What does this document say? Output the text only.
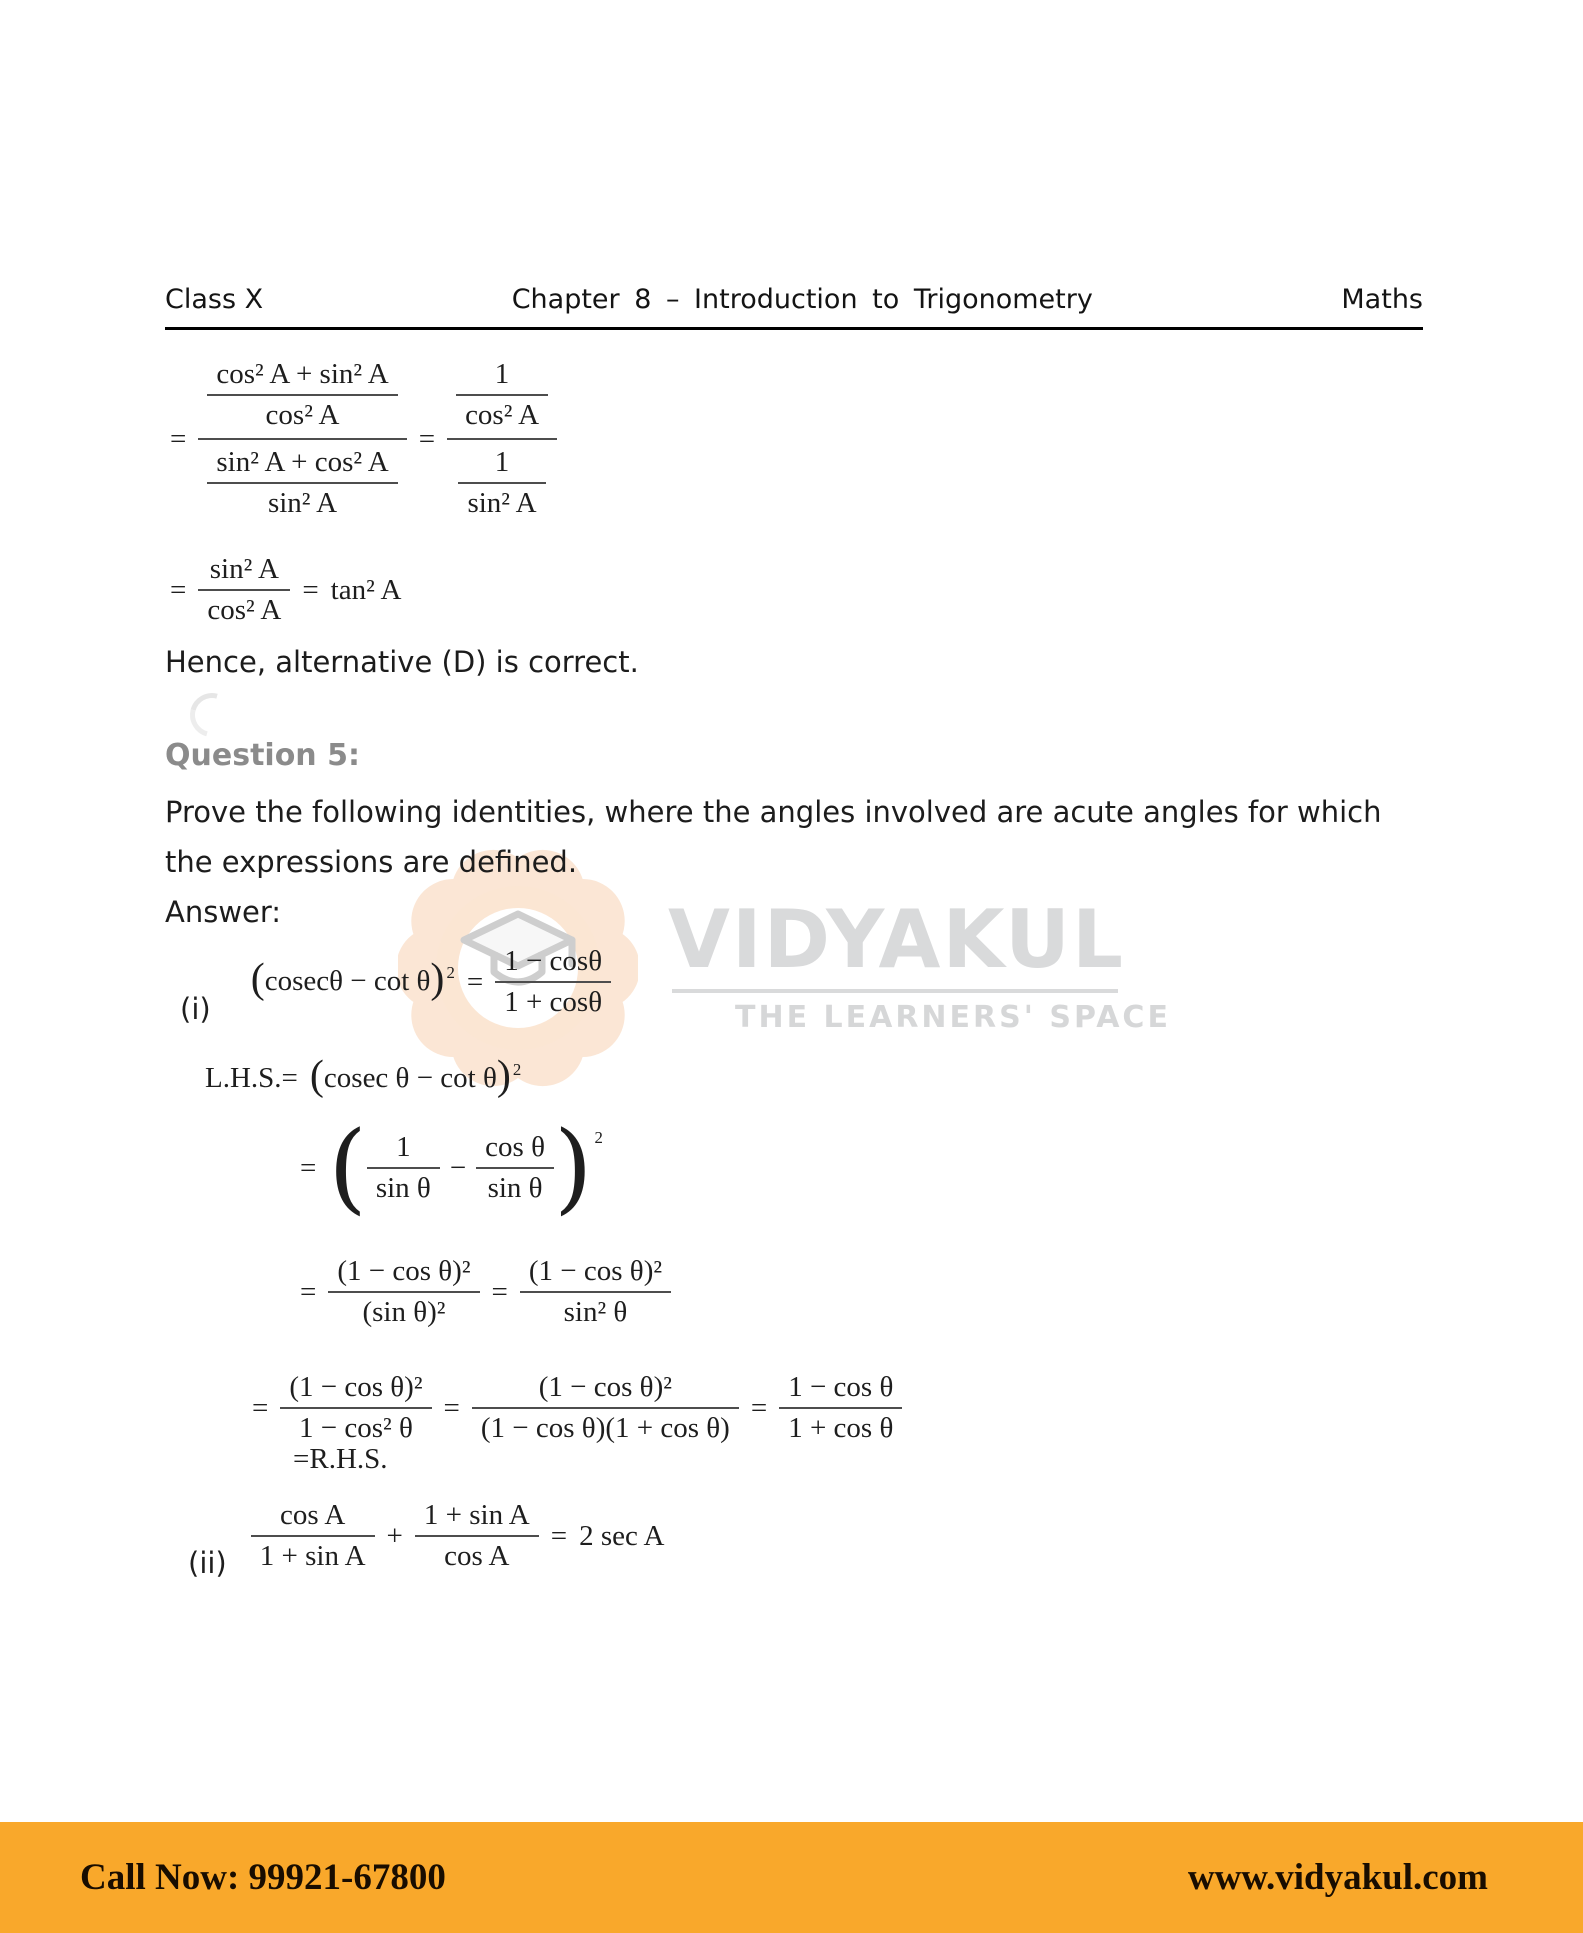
Class X	Chapter 8 – Introduction to Trigonometry	Maths
VIDYAKUL
THE LEARNERS' SPACE
= $\frac{\frac{\text{cos² A + sin² A}}{\text{cos² A}}}{\frac{\text{sin² A + cos² A}}{\text{sin² A}}} = \frac{\frac{1}{\text{cos² A}}}{\frac{1}{\text{sin² A}}}$
= $\frac{\text{sin² A}}{\text{cos² A}} = \tan^2$ A
Hence, alternative (D) is correct.
Question 5:
Prove the following identities, where the angles involved are acute angles for which
the expressions are defined.
Answer:
(i)
( cosecθ − cot θ ) $2 = \frac{1 - \cos\theta}{1 + \cos\theta}$
L.H.S.= ( cosec θ − cot θ ) 2
= ( $\frac{1}{\text{sin θ}} - \frac{\text{cos θ}}{\text{sin θ}}$ ) 2
= $\frac{\text{(1 − cos θ)²}}{\text{(sin θ)²}} = \frac{\text{(1 − cos θ)²}}{\text{sin² θ}}$
= $\frac{\text{(1 − cos θ)²}}{\text{1 − cos² θ}} = \frac{\text{(1 − cos θ)²}}{\text{(1 − cos θ)(1 + cos θ)}} = \frac{\text{1 − cos θ}}{\text{1 + cos θ}}$
=R.H.S.
$(ii) \frac{\text{cos A}}{\text{1 + sin A}} + \frac{\text{1 + sin A}}{\text{cos A}} = 2$ sec A
Call Now: 99921-67800	www.vidyakul.com
